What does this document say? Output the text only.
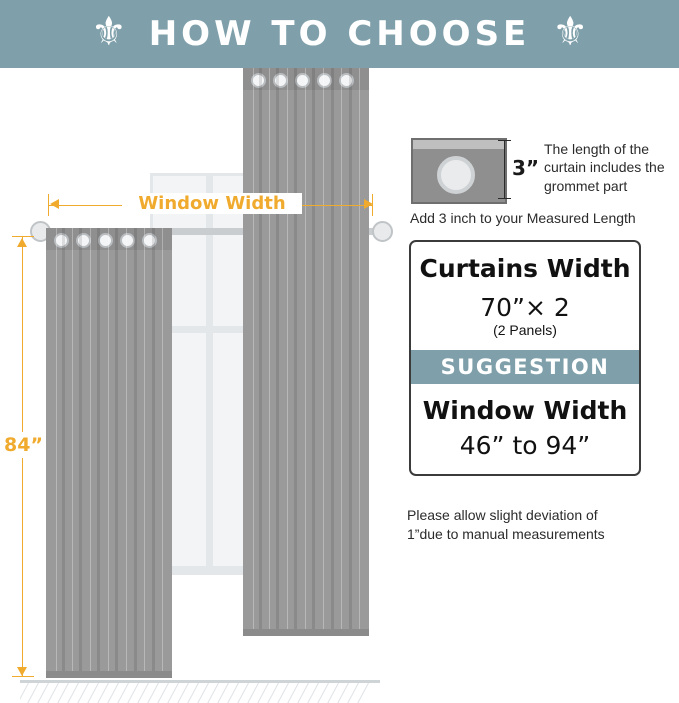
⚜ HOW TO CHOOSE ⚜
Window Width
84”
3”
The length of the curtain includes the grommet part
Add 3 inch to your Measured Length
Curtains Width
70”× 2
(2 Panels)
SUGGESTION
Window Width
46” to 94”
Please allow slight deviation of
1”due to manual measurements
